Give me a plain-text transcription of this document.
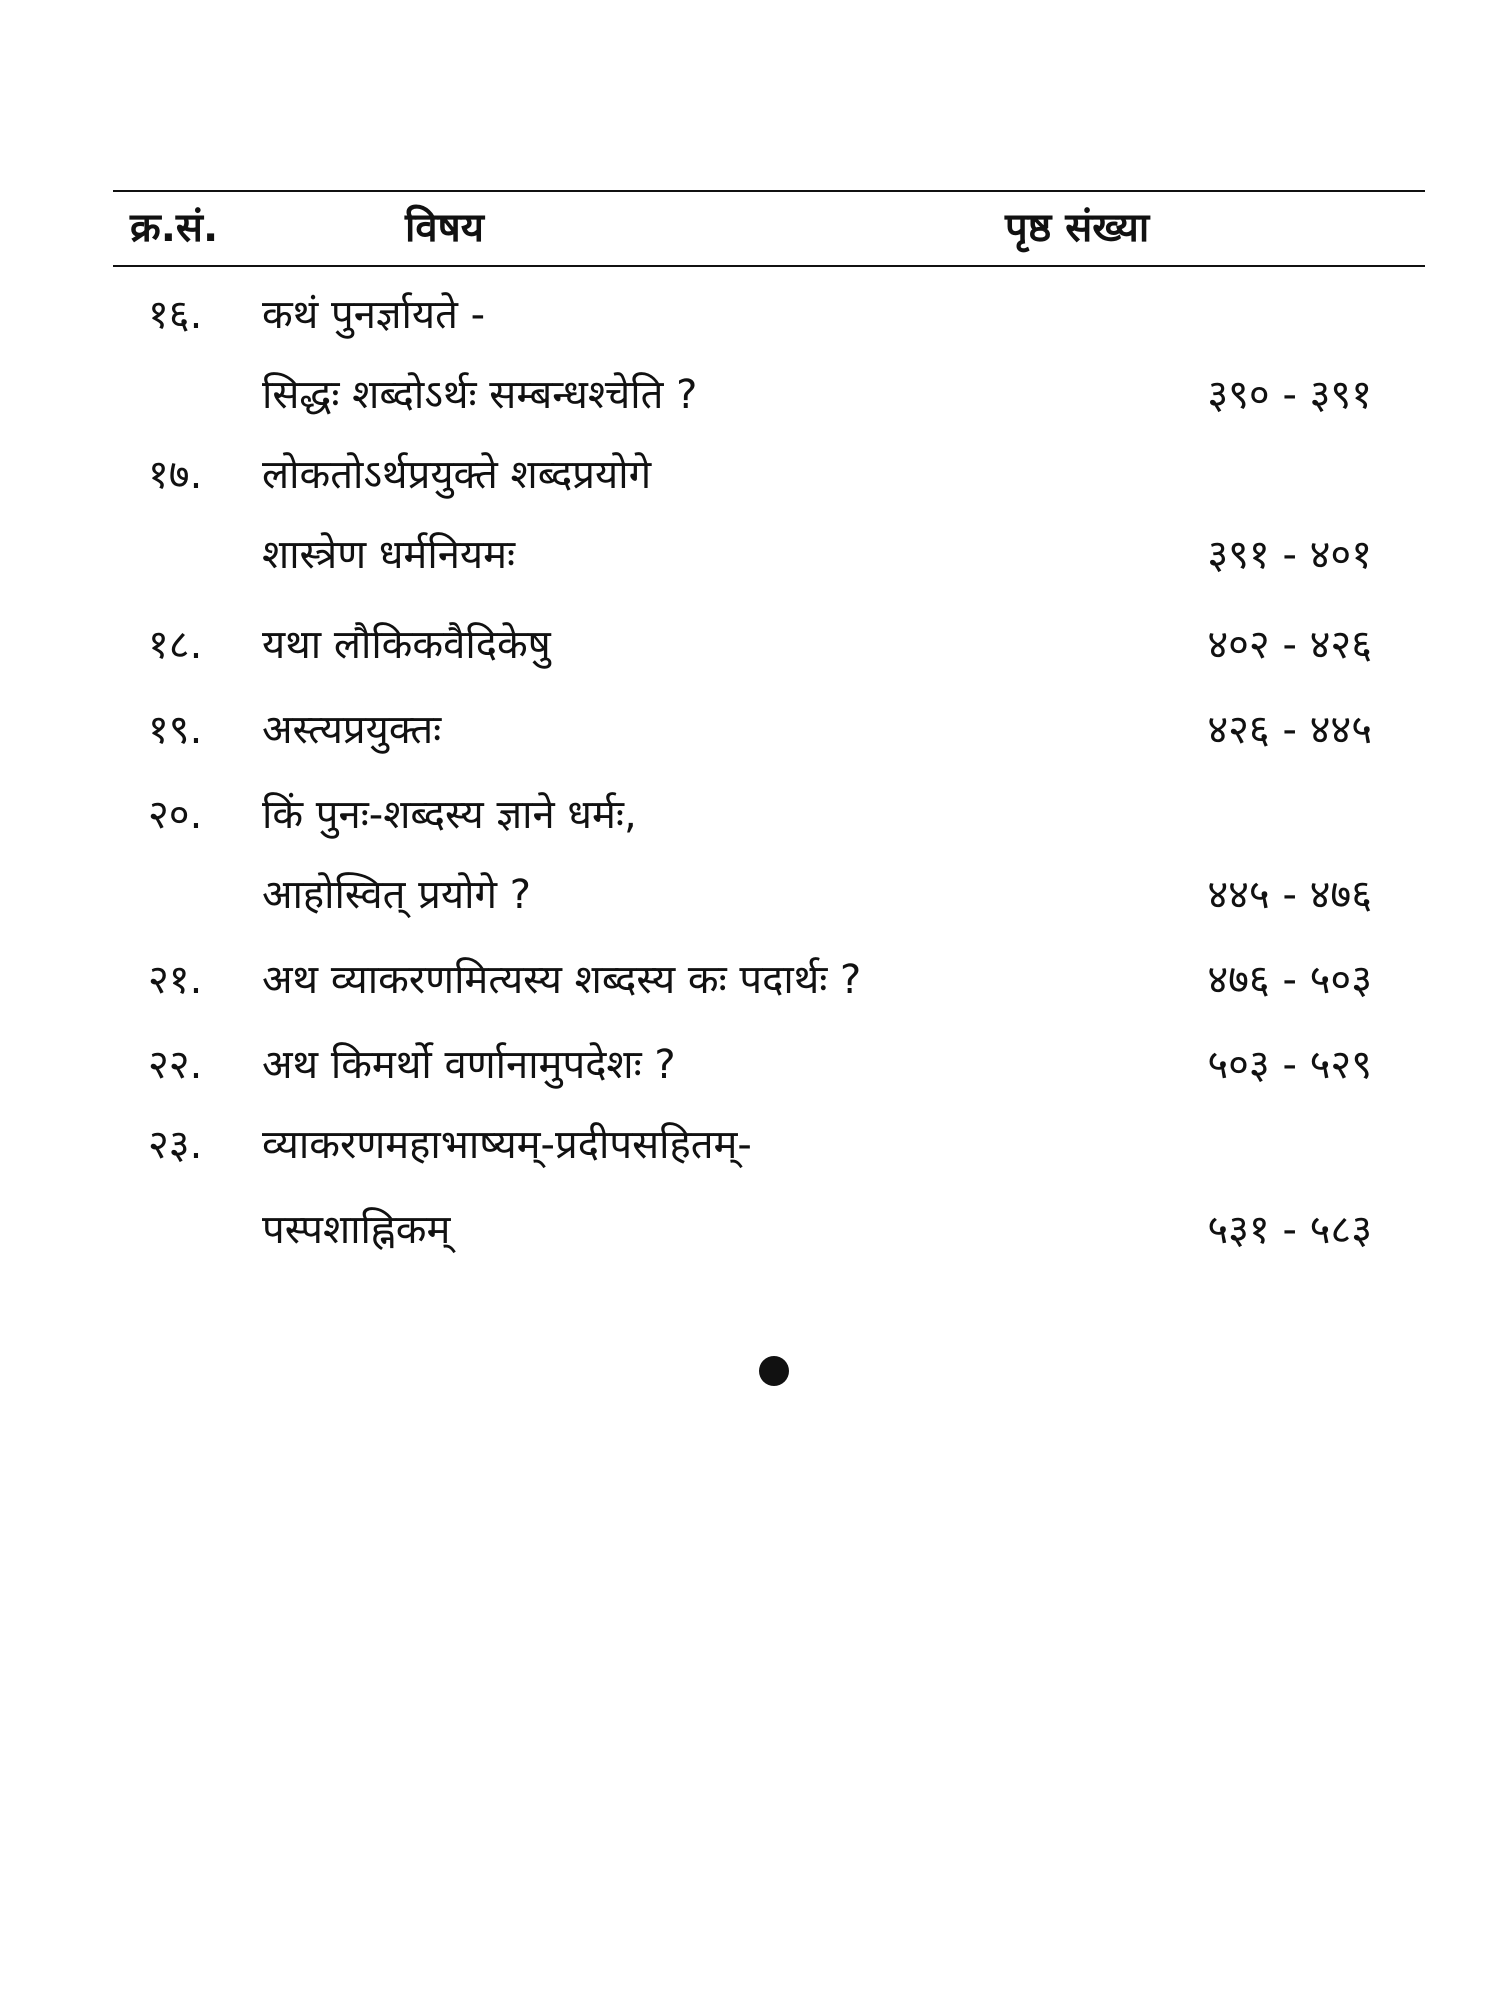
क्र.सं.	विषय	पृष्ठ संख्या
१६. कथं पुनर्ज्ञायते -
सिद्धः शब्दोऽर्थः सम्बन्धश्चेति ?	३९० - ३९१
१७. लोकतोऽर्थप्रयुक्ते शब्दप्रयोगे
शास्त्रेण धर्मनियमः	३९१ - ४०१
१८. यथा लौकिकवैदिकेषु	४०२ - ४२६
१९. अस्त्यप्रयुक्तः	४२६ - ४४५
२०. किं पुनः-शब्दस्य ज्ञाने धर्मः,
आहोस्वित् प्रयोगे ?	४४५ - ४७६
२१. अथ व्याकरणमित्यस्य शब्दस्य कः पदार्थः ?	४७६ - ५०३
२२. अथ किमर्थो वर्णानामुपदेशः ?	५०३ - ५२९
२३. व्याकरणमहाभाष्यम्-प्रदीपसहितम्-
पस्पशाह्निकम्	५३१ - ५८३
